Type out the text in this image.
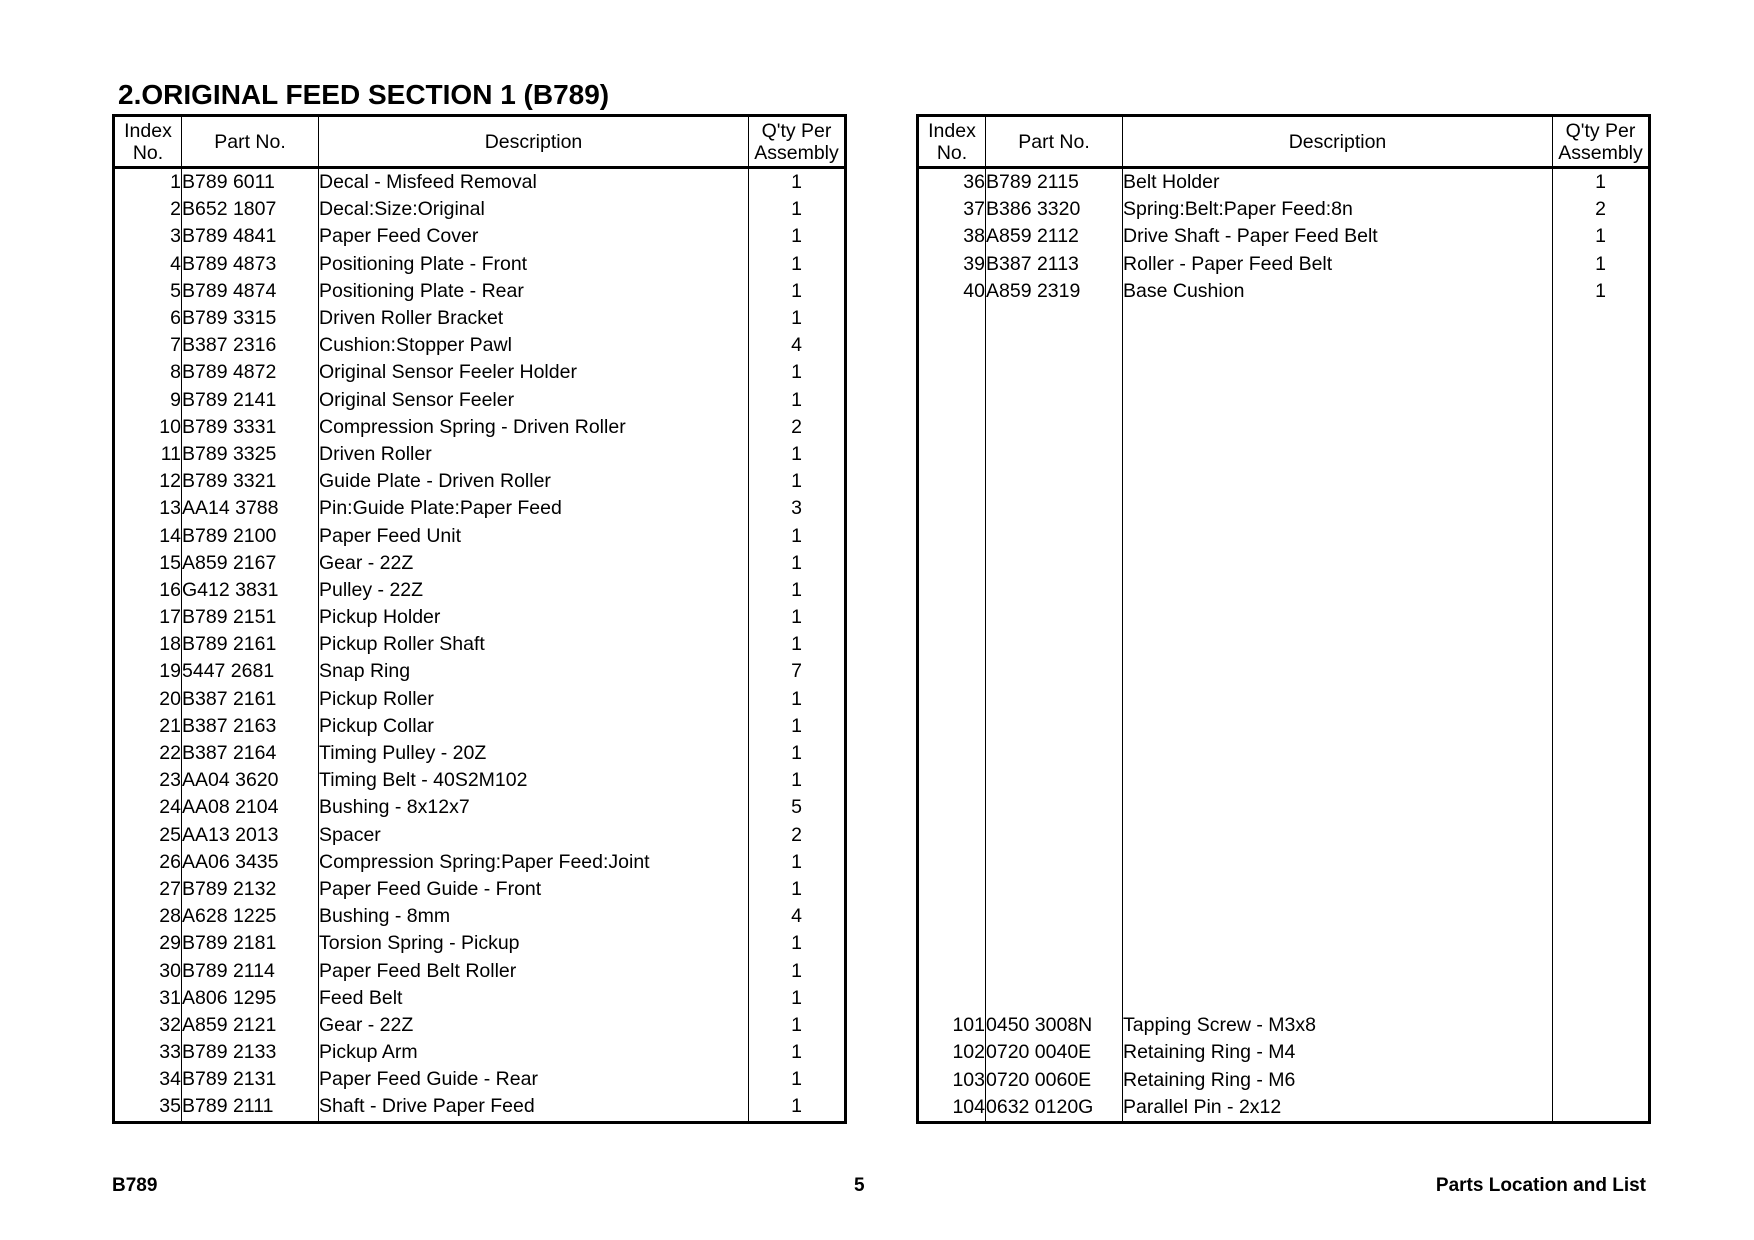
2.ORIGINAL FEED SECTION 1 (B789)
Index
No.	Part No.	Description	Q'ty Per
Assembly
1	B789 6011	Decal - Misfeed Removal	1
2	B652 1807	Decal:Size:Original	1
3	B789 4841	Paper Feed Cover	1
4	B789 4873	Positioning Plate - Front	1
5	B789 4874	Positioning Plate - Rear	1
6	B789 3315	Driven Roller Bracket	1
7	B387 2316	Cushion:Stopper Pawl	4
8	B789 4872	Original Sensor Feeler Holder	1
9	B789 2141	Original Sensor Feeler	1
10	B789 3331	Compression Spring - Driven Roller	2
11	B789 3325	Driven Roller	1
12	B789 3321	Guide Plate - Driven Roller	1
13	AA14 3788	Pin:Guide Plate:Paper Feed	3
14	B789 2100	Paper Feed Unit	1
15	A859 2167	Gear - 22Z	1
16	G412 3831	Pulley - 22Z	1
17	B789 2151	Pickup Holder	1
18	B789 2161	Pickup Roller Shaft	1
19	5447 2681	Snap Ring	7
20	B387 2161	Pickup Roller	1
21	B387 2163	Pickup Collar	1
22	B387 2164	Timing Pulley - 20Z	1
23	AA04 3620	Timing Belt - 40S2M102	1
24	AA08 2104	Bushing - 8x12x7	5
25	AA13 2013	Spacer	2
26	AA06 3435	Compression Spring:Paper Feed:Joint	1
27	B789 2132	Paper Feed Guide - Front	1
28	A628 1225	Bushing - 8mm	4
29	B789 2181	Torsion Spring - Pickup	1
30	B789 2114	Paper Feed Belt Roller	1
31	A806 1295	Feed Belt	1
32	A859 2121	Gear - 22Z	1
33	B789 2133	Pickup Arm	1
34	B789 2131	Paper Feed Guide - Rear	1
35	B789 2111	Shaft - Drive Paper Feed	1
Index
No.	Part No.	Description	Q'ty Per
Assembly
36	B789 2115	Belt Holder	1
37	B386 3320	Spring:Belt:Paper Feed:8n	2
38	A859 2112	Drive Shaft - Paper Feed Belt	1
39	B387 2113	Roller - Paper Feed Belt	1
40	A859 2319	Base Cushion	1

101	0450 3008N	Tapping Screw - M3x8	
102	0720 0040E	Retaining Ring - M4	
103	0720 0060E	Retaining Ring - M6	
104	0632 0120G	Parallel Pin - 2x12	
B789	5	Parts Location and List
